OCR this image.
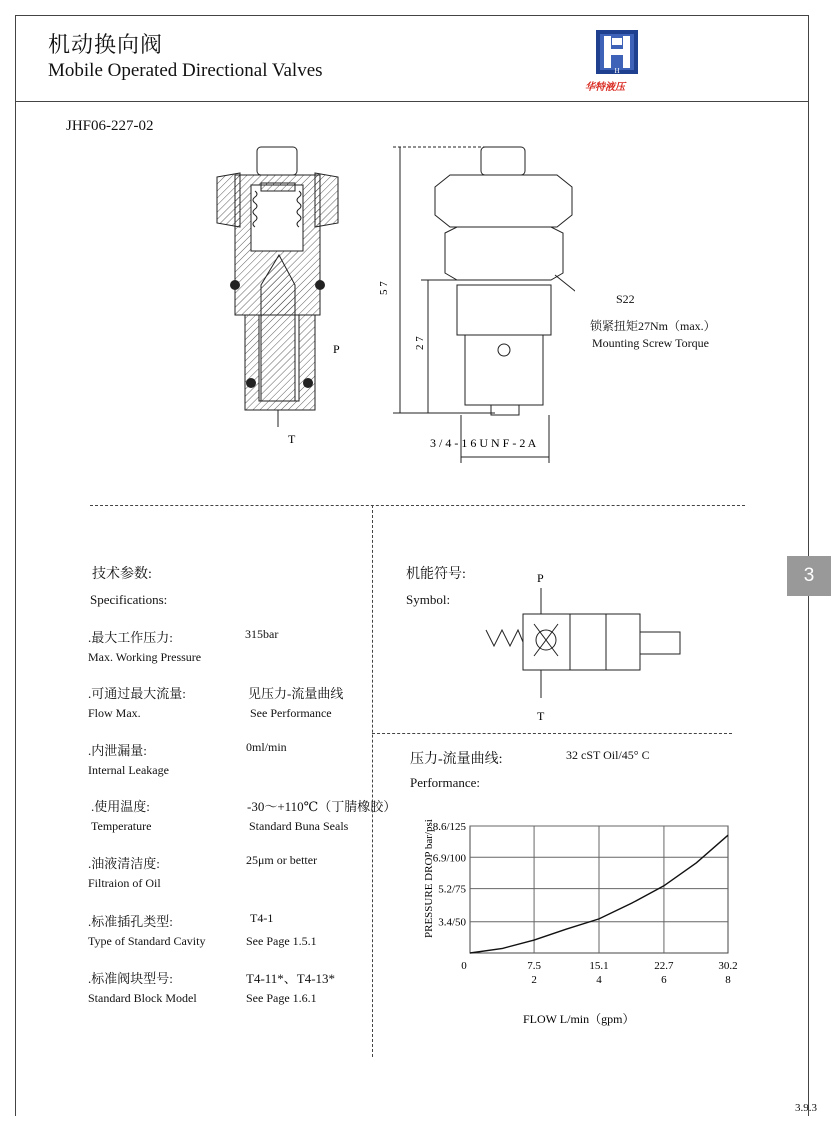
机动换向阀
Mobile Operated Directional Valves	H
华特液压
JHF06-227-02
P
T
5 7
2 7
3 / 4 - 1 6 U N F - 2 A
S22
锁紧扭矩27Nm（max.）
Mounting Screw Torque
技术参数:
Specifications:
.最大工作压力:
Max. Working Pressure
315bar
.可通过最大流量:
Flow Max.
见压力-流量曲线
See Performance
.内泄漏量:
Internal Leakage
0ml/min
.使用温度:
Temperature
-30～+110℃（丁腈橡胶）
Standard Buna Seals
.油液清洁度:
Filtraion of Oil
25μm or better
.标准插孔类型:
Type of Standard Cavity
T4-1
See Page 1.5.1
.标准阀块型号:
Standard Block Model
T4-11*、T4-13*
See Page 1.6.1
机能符号:
Symbol:
P
T
压力-流量曲线:	32 cST Oil/45° C
Performance:
3.4/50
5.2/75
6.9/100
8.6/125
0	7.5
2
15.1
4
22.7
6
30.2
8
PRESSURE DROP bar/psi
FLOW L/min（gpm）
3
3.9.3
